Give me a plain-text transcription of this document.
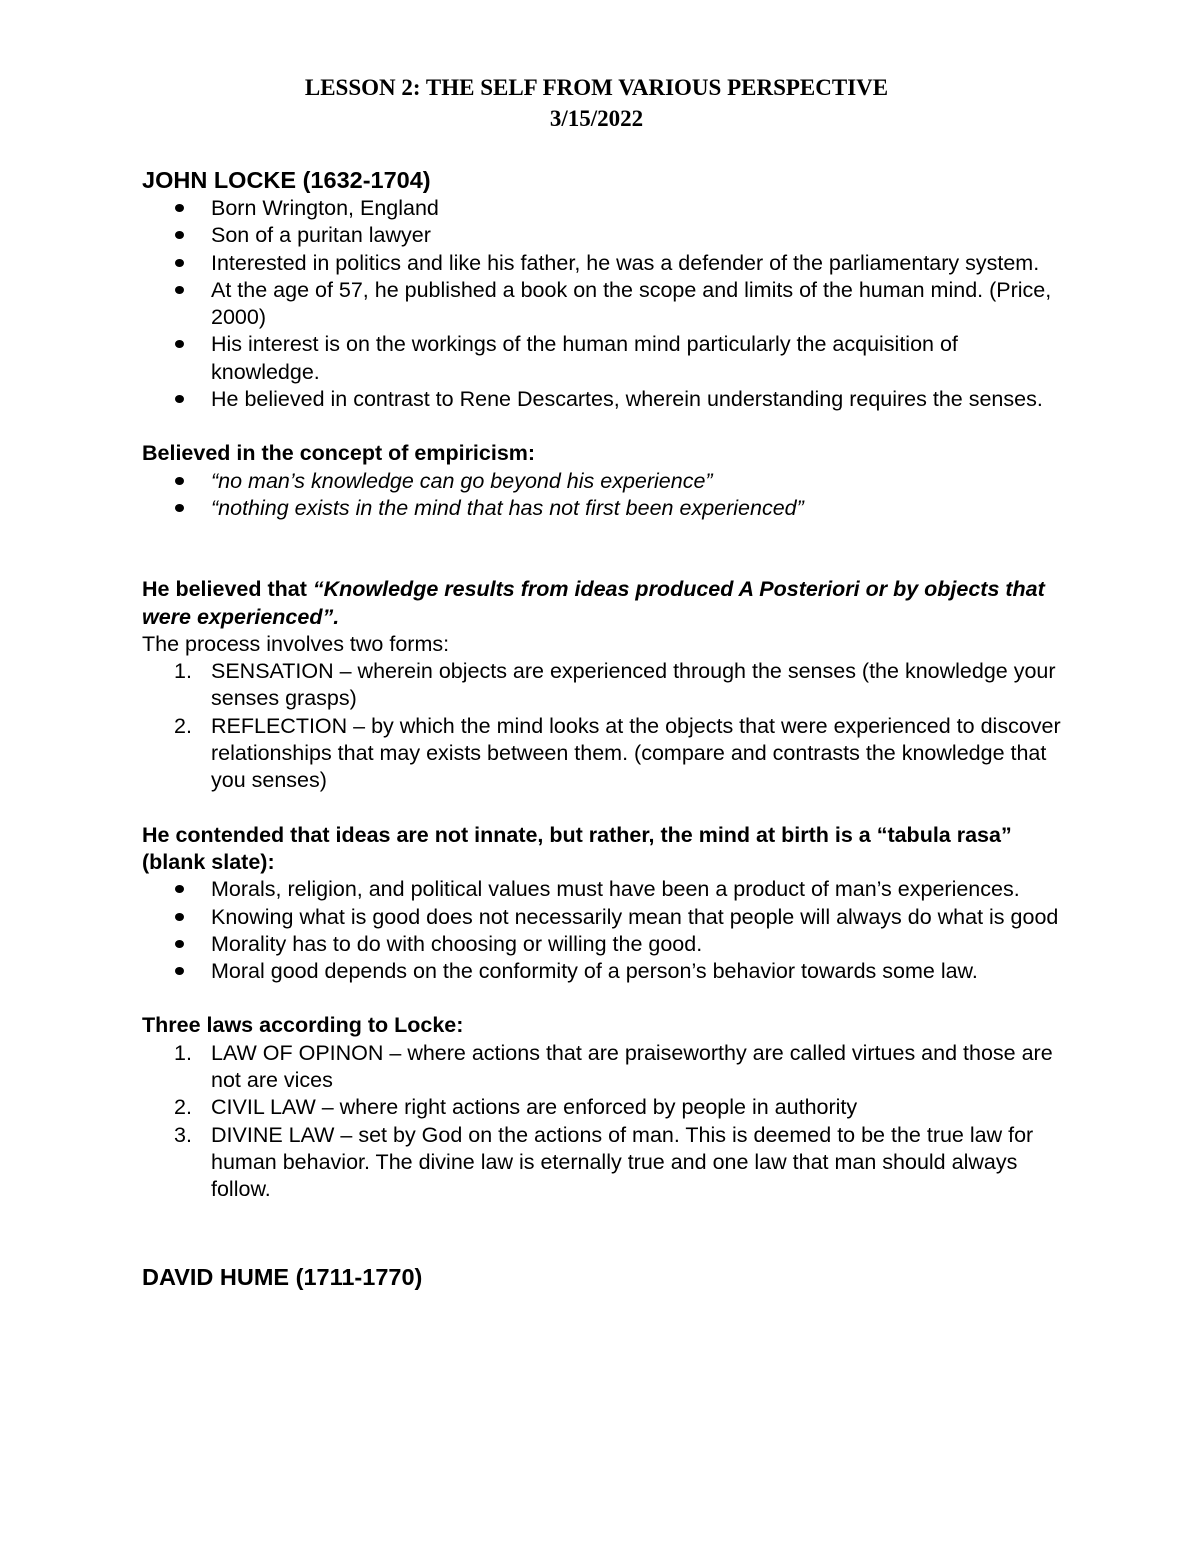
LESSON 2: THE SELF FROM VARIOUS PERSPECTIVE
3/15/2022

JOHN LOCKE (1632-1704)

Born Wrington, England
Son of a puritan lawyer
Interested in politics and like his father, he was a defender of the parliamentary system.
At the age of 57, he published a book on the scope and limits of the human mind. (Price, 2000)
His interest is on the workings of the human mind particularly the acquisition of knowledge.
He believed in contrast to Rene Descartes, wherein understanding requires the senses.

Believed in the concept of empiricism:

“no man’s knowledge can go beyond his experience”
“nothing exists in the mind that has not first been experienced”

He believed that “Knowledge results from ideas produced A Posteriori or by objects that were experienced”.

The process involves two forms:

1. SENSATION – wherein objects are experienced through the senses (the knowledge your senses grasps)
2. REFLECTION – by which the mind looks at the objects that were experienced to discover relationships that may exists between them. (compare and contrasts the knowledge that you senses)

He contended that ideas are not innate, but rather, the mind at birth is a “tabula rasa” (blank slate):

Morals, religion, and political values must have been a product of man’s experiences.
Knowing what is good does not necessarily mean that people will always do what is good
Morality has to do with choosing or willing the good.
Moral good depends on the conformity of a person’s behavior towards some law.

Three laws according to Locke:

1. LAW OF OPINON – where actions that are praiseworthy are called virtues and those are not are vices
2. CIVIL LAW – where right actions are enforced by people in authority
3. DIVINE LAW – set by God on the actions of man. This is deemed to be the true law for human behavior. The divine law is eternally true and one law that man should always follow.

DAVID HUME (1711-1770)
